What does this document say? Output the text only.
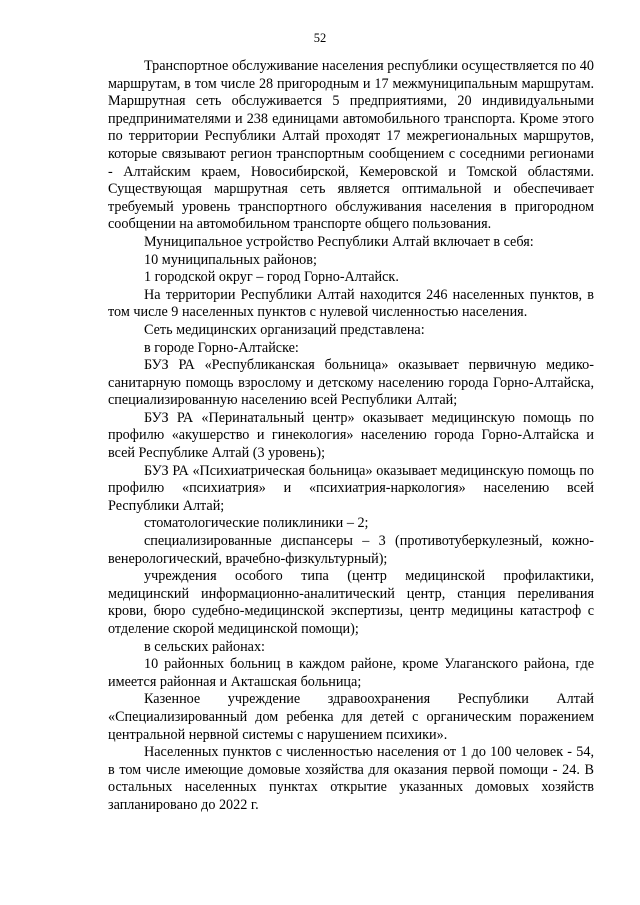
52

Транспортное обслуживание населения республики осуществляется по 40 маршрутам, в том числе 28 пригородным и 17 межмуниципальным маршрутам. Маршрутная сеть обслуживается 5 предприятиями, 20 индивидуальными предпринимателями и 238 единицами автомобильного транспорта. Кроме этого по территории Республики Алтай проходят 17 межрегиональных маршрутов, которые связывают регион транспортным сообщением с соседними регионами - Алтайским краем, Новосибирской, Кемеровской и Томской областями. Существующая маршрутная сеть является оптимальной и обеспечивает требуемый уровень транспортного обслуживания населения в пригородном сообщении на автомобильном транспорте общего пользования.

Муниципальное устройство Республики Алтай включает в себя:

10 муниципальных районов;

1 городской округ – город Горно-Алтайск.

На территории Республики Алтай находится 246 населенных пунктов, в том числе 9 населенных пунктов с нулевой численностью населения.

Сеть медицинских организаций представлена:

в городе Горно-Алтайске:

БУЗ РА «Республиканская больница» оказывает первичную медико-санитарную помощь взрослому и детскому населению города Горно-Алтайска, специализированную населению всей Республики Алтай;

БУЗ РА «Перинатальный центр» оказывает медицинскую помощь по профилю «акушерство и гинекология» населению города Горно-Алтайска и всей Республике Алтай (3 уровень);

БУЗ РА «Психиатрическая больница» оказывает медицинскую помощь по профилю «психиатрия» и «психиатрия-наркология» населению всей Республики Алтай;

стоматологические поликлиники – 2;

специализированные диспансеры – 3 (противотуберкулезный, кожно-венерологический, врачебно-физкультурный);

учреждения особого типа (центр медицинской профилактики, медицинский информационно-аналитический центр, станция переливания крови, бюро судебно-медицинской экспертизы, центр медицины катастроф с отделение скорой медицинской помощи);

в сельских районах:

10 районных больниц в каждом районе, кроме Улаганского района, где имеется районная и Акташская больница;

Казенное учреждение здравоохранения Республики Алтай «Специализированный дом ребенка для детей с органическим поражением центральной нервной системы с нарушением психики».

Населенных пунктов с численностью населения от 1 до 100 человек - 54, в том числе имеющие домовые хозяйства для оказания первой помощи - 24. В остальных населенных пунктах открытие указанных домовых хозяйств запланировано до 2022 г.
